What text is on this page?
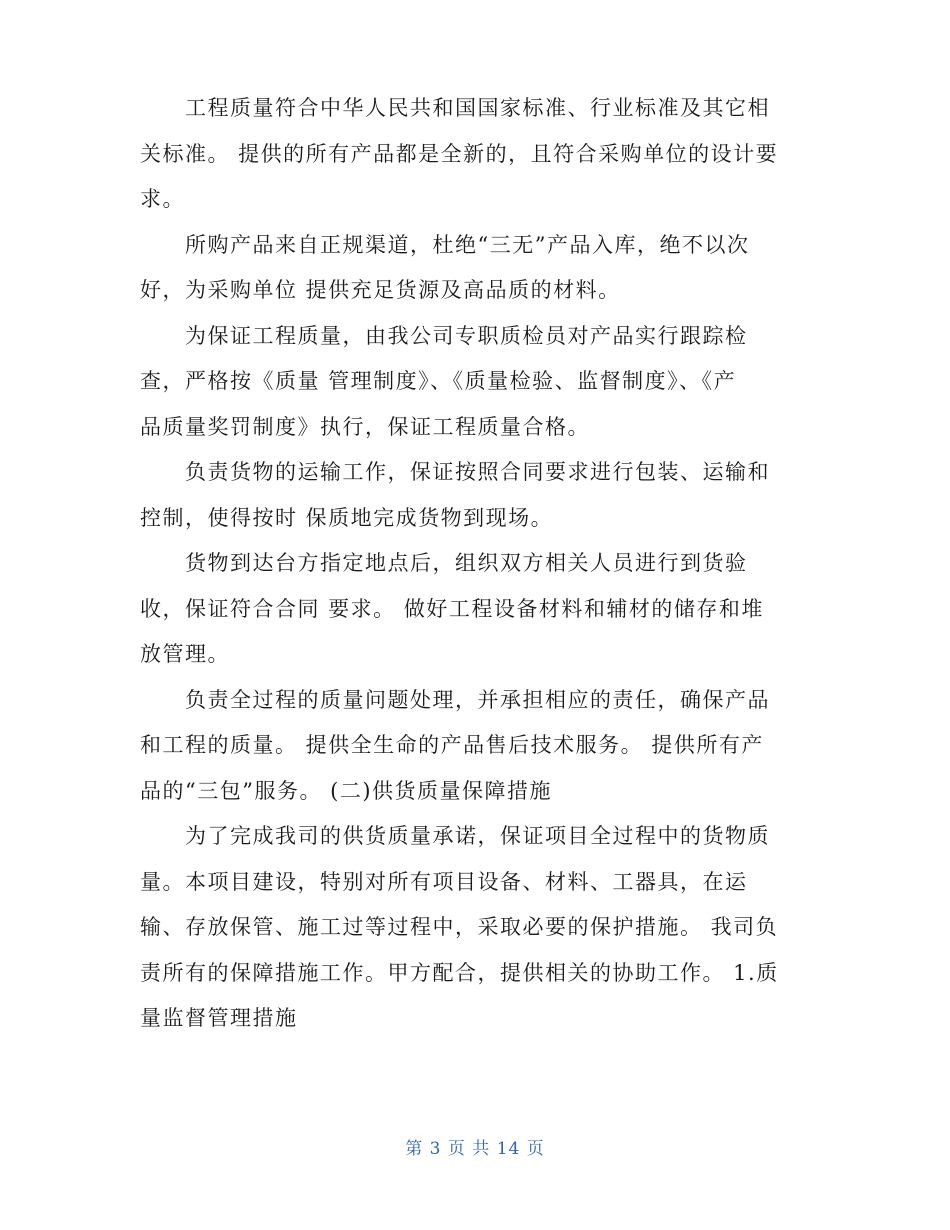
　　工程质量符合中华人民共和国国家标准、行业标准及其它相
关标准。 提供的所有产品都是全新的，且符合采购单位的设计要
求。

　　所购产品来自正规渠道，杜绝“三无”产品入库，绝不以次
好，为采购单位 提供充足货源及高品质的材料。

　　为保证工程质量，由我公司专职质检员对产品实行跟踪检
查，严格按《质量 管理制度》、《质量检验、监督制度》、《产
品质量奖罚制度》执行，保证工程质量合格。

　　负责货物的运输工作，保证按照合同要求进行包装、运输和
控制，使得按时 保质地完成货物到现场。

　　货物到达台方指定地点后，组织双方相关人员进行到货验
收，保证符合合同 要求。 做好工程设备材料和辅材的储存和堆
放管理。

　　负责全过程的质量问题处理，并承担相应的责任，确保产品
和工程的质量。 提供全生命的产品售后技术服务。 提供所有产
品的“三包”服务。 (二)供货质量保障措施

　　为了完成我司的供货质量承诺，保证项目全过程中的货物质
量。本项目建设，特别对所有项目设备、材料、工器具，在运
输、存放保管、施工过等过程中，采取必要的保护措施。 我司负
责所有的保障措施工作。甲方配合，提供相关的协助工作。 1.质
量监督管理措施

第 3 页 共 14 页
